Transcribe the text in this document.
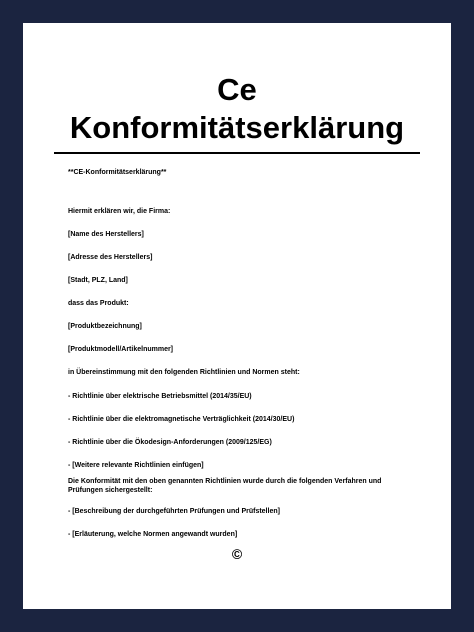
Ce
Konformitätserklärung
**CE-Konformitätserklärung**
Hiermit erklären wir, die Firma:
[Name des Herstellers]
[Adresse des Herstellers]
[Stadt, PLZ, Land]
dass das Produkt:
[Produktbezeichnung]
[Produktmodell/Artikelnummer]
in Übereinstimmung mit den folgenden Richtlinien und Normen steht:
- Richtlinie über elektrische Betriebsmittel (2014/35/EU)
- Richtlinie über die elektromagnetische Verträglichkeit (2014/30/EU)
- Richtlinie über die Ökodesign-Anforderungen (2009/125/EG)
- [Weitere relevante Richtlinien einfügen]
Die Konformität mit den oben genannten Richtlinien wurde durch die folgenden Verfahren und Prüfungen sichergestellt:
- [Beschreibung der durchgeführten Prüfungen und Prüfstellen]
- [Erläuterung, welche Normen angewandt wurden]
©
